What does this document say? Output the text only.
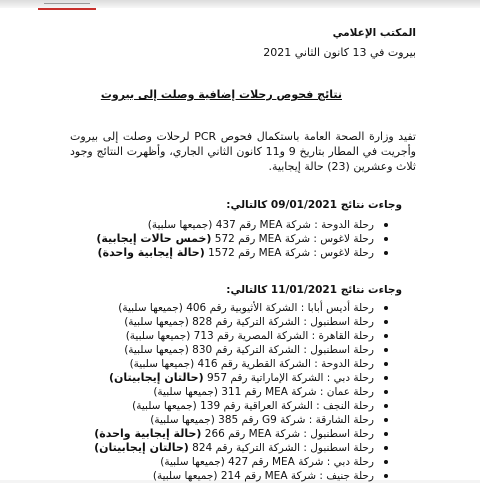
المكتب الإعلامي
بيروت في 13 كانون الثاني 2021
نتائج فحوص رحلات إضافية وصلت إلى بيروت
تفيد وزارة الصحة العامة باستكمال فحوص PCR لرحلات وصلت إلى بيروت وأجريت في المطار بتاريخ 9 و11 كانون الثاني الجاري، وأظهرت النتائج وجود ثلاث وعشرين (23) حالة إيجابية.
وجاءت نتائج 09/01/2021 كالتالي:
رحلة الدوحة : شركة MEA رقم 437 (جميعها سلبية)
رحلة لاغوس : شركة MEA رقم 572 (خمس حالات إيجابية)
رحلة لاغوس : شركة MEA رقم 1572 (حالة إيجابية واحدة)
وجاءت نتائج 11/01/2021 كالتالي:
رحلة أديس أبابا : الشركة الأثيوبية رقم 406 (جميعها سلبية)
رحلة اسطنبول : الشركة التركية رقم 828 (جميعها سلبية)
رحلة القاهرة : الشركة المصرية رقم 713 (جميعها سلبية)
رحلة اسطنبول : الشركة التركية رقم 830 (جميعها سلبية)
رحلة الدوحة : الشركة القطرية رقم 416 (جميعها سلبية)
رحلة دبي : الشركة الإماراتية رقم 957 (حالتان إيجابيتان)
رحلة عمان : شركة MEA رقم 311 (جميعها سلبية)
رحلة النجف : الشركة العراقية رقم 139 (جميعها سلبية)
رحلة الشارقة : شركة G9 رقم 385 (جميعها سلبية)
رحلة اسطنبول : شركة MEA رقم 266 (حالة إيجابية واحدة)
رحلة اسطنبول : الشركة التركية رقم 824 (حالتان إيجابيتان)
رحلة دبي : شركة MEA رقم 427 (جميعها سلبية)
رحلة جنيف : شركة MEA رقم 214 (جميعها سلبية)
